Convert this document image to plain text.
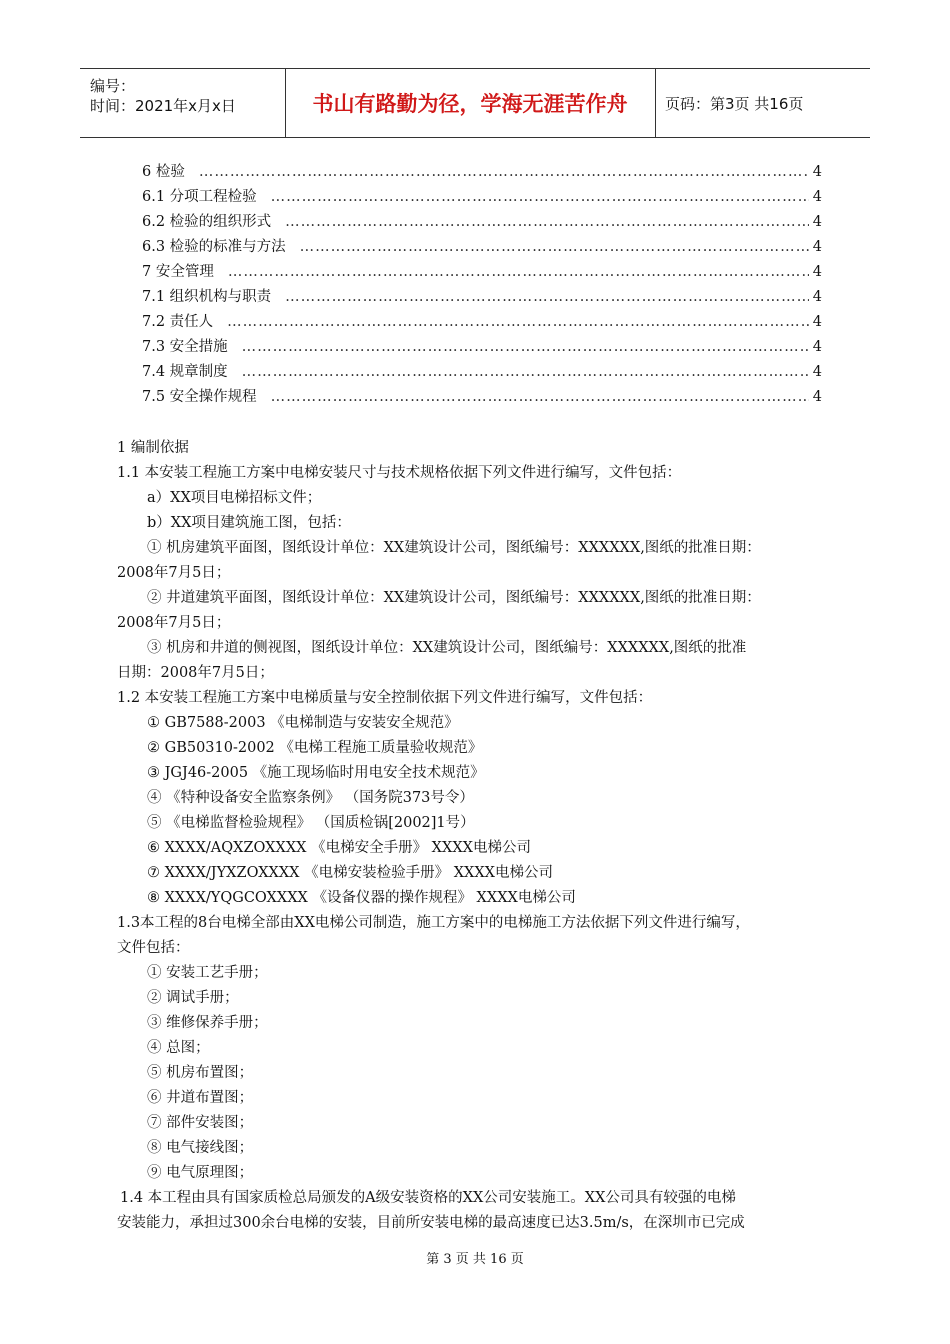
编号：
时间：2021年x月x日	书山有路勤为径，学海无涯苦作舟	页码：第3页 共16页
6 检验 ……………………………………………………………………………………………………………………………………………………………………	4
6.1 分项工程检验 ……………………………………………………………………………………………………………………………………………………………………	4
6.2 检验的组织形式 ……………………………………………………………………………………………………………………………………………………………………	4
6.3 检验的标准与方法 ……………………………………………………………………………………………………………………………………………………………………	4
7 安全管理 ……………………………………………………………………………………………………………………………………………………………………	4
7.1 组织机构与职责 ……………………………………………………………………………………………………………………………………………………………………	4
7.2 责任人 ……………………………………………………………………………………………………………………………………………………………………	4
7.3 安全措施 ……………………………………………………………………………………………………………………………………………………………………	4
7.4 规章制度 ……………………………………………………………………………………………………………………………………………………………………	4
7.5 安全操作规程 ……………………………………………………………………………………………………………………………………………………………………	4
1 编制依据
1.1 本安装工程施工方案中电梯安装尺寸与技术规格依据下列文件进行编写，文件包括：
a）XX项目电梯招标文件；
b）XX项目建筑施工图，包括：
① 机房建筑平面图，图纸设计单位：XX建筑设计公司，图纸编号：XXXXXX,图纸的批准日期：
2008年7月5日；
② 井道建筑平面图，图纸设计单位：XX建筑设计公司，图纸编号：XXXXXX,图纸的批准日期：
2008年7月5日；
③ 机房和井道的侧视图，图纸设计单位：XX建筑设计公司，图纸编号：XXXXXX,图纸的批准
日期：2008年7月5日；
1.2 本安装工程施工方案中电梯质量与安全控制依据下列文件进行编写，文件包括：
① GB7588-2003 《电梯制造与安装安全规范》
② GB50310-2002 《电梯工程施工质量验收规范》
③ JGJ46-2005 《施工现场临时用电安全技术规范》
④ 《特种设备安全监察条例》 （国务院373号令）
⑤ 《电梯监督检验规程》 （国质检锅[2002]1号）
⑥ XXXX/AQXZOXXXX 《电梯安全手册》 XXXX电梯公司
⑦ XXXX/JYXZOXXXX 《电梯安装检验手册》 XXXX电梯公司
⑧ XXXX/YQGCOXXXX 《设备仪器的操作规程》 XXXX电梯公司
1.3本工程的8台电梯全部由XX电梯公司制造，施工方案中的电梯施工方法依据下列文件进行编写，
文件包括：
① 安装工艺手册；
② 调试手册；
③ 维修保养手册；
④ 总图；
⑤ 机房布置图；
⑥ 井道布置图；
⑦ 部件安装图；
⑧ 电气接线图；
⑨ 电气原理图；
1.4 本工程由具有国家质检总局颁发的A级安装资格的XX公司安装施工。XX公司具有较强的电梯
安装能力，承担过300余台电梯的安装，目前所安装电梯的最高速度已达3.5m/s，在深圳市已完成
第 3 页 共 16 页
